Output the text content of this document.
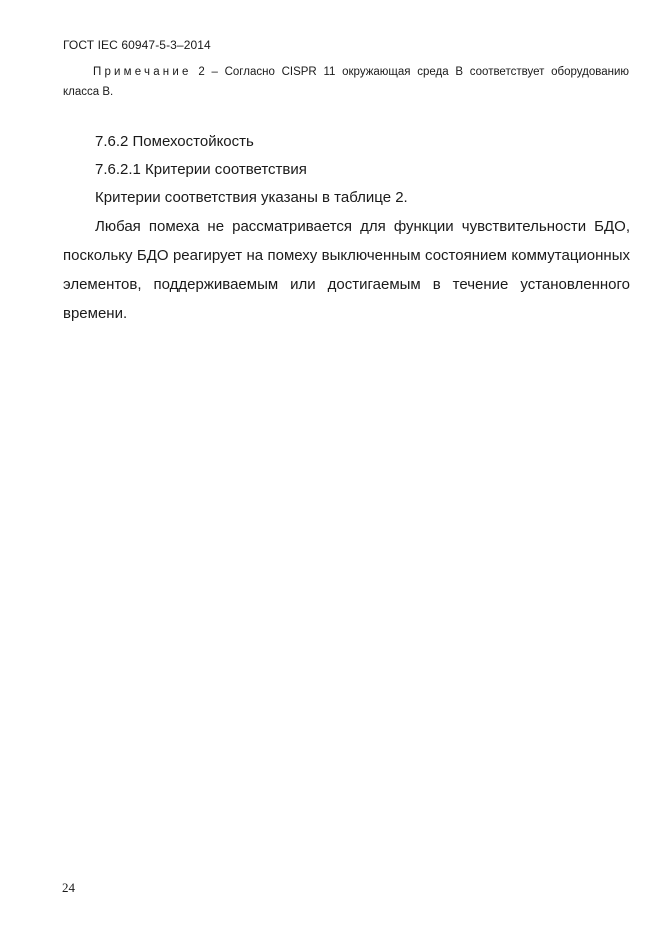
ГОСТ IEC 60947-5-3–2014
Примечание 2 – Согласно CISPR 11 окружающая среда В соответствует оборудованию класса В.

7.6.2 Помехостойкость

7.6.2.1 Критерии соответствия

Критерии соответствия указаны в таблице 2.

Любая помеха не рассматривается для функции чувствительности БДО, поскольку БДО реагирует на помеху выключенным состоянием коммутационных элементов, поддерживаемым или достигаемым в течение установленного времени.

24
